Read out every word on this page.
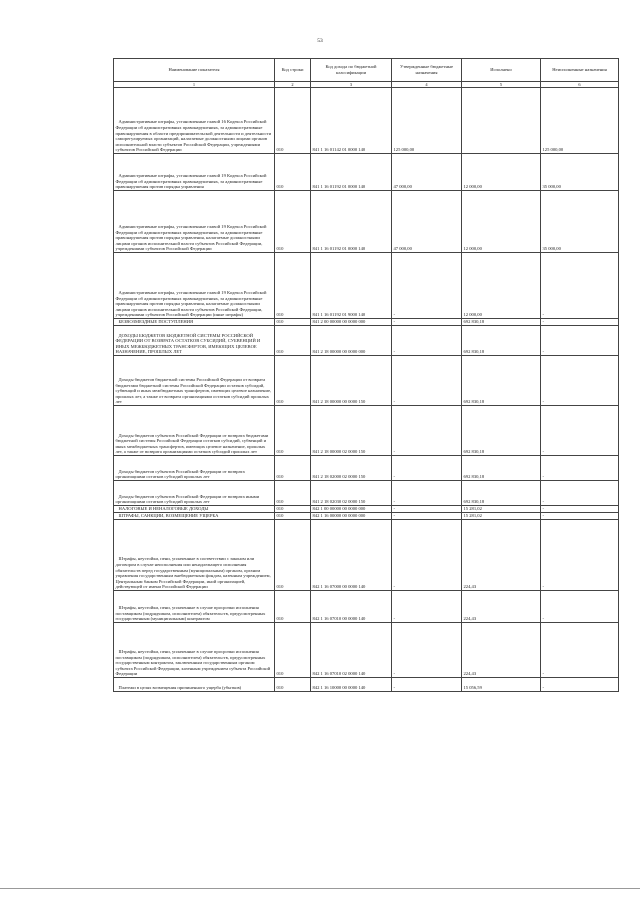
53
Наименование показателя	Код строки	Код дохода по бюджетной классификации	Утвержденные бюджетные назначения	Исполнено	Неисполненные назначения
1	2	3	4	5	6
Административные штрафы, установленные главой 16 Кодекса Российской Федерации об административных правонарушениях, за административные правонарушения в области предпринимательской деятельности и деятельности саморегулируемых организаций, налагаемые должностными лицами органов исполнительной власти субъектов Российской Федерации, учреждениями субъектов Российской Федерации	010	841 1 16 01142 01 0000 140	125 000,00		125 000,00
Административные штрафы, установленные главой 19 Кодекса Российской Федерации об административных правонарушениях, за административные правонарушения против порядка управления	010	841 1 16 01192 01 0000 140	47 000,00	12 000,00	35 000,00
Административные штрафы, установленные главой 19 Кодекса Российской Федерации об административных правонарушениях, за административные правонарушения против порядка управления, налагаемые должностными лицами органов исполнительной власти субъектов Российской Федерации, учреждениями субъектов Российской Федерации	010	841 1 16 01192 01 0000 140	47 000,00	12 000,00	35 000,00
Административные штрафы, установленные главой 19 Кодекса Российской Федерации об административных правонарушениях, за административные правонарушения против порядка управления, налагаемые должностными лицами органов исполнительной власти субъектов Российской Федерации, учреждениями субъектов Российской Федерации (иные штрафы)	010	841 1 16 01192 01 9000 140	-	12 000,00	-
БЕЗВОЗМЕЗДНЫЕ ПОСТУПЛЕНИЯ	010	841 2 00 00000 00 0000 000	-	692 830,18	-
ДОХОДЫ БЮДЖЕТОВ БЮДЖЕТНОЙ СИСТЕМЫ РОССИЙСКОЙ ФЕДЕРАЦИИ ОТ ВОЗВРАТА ОСТАТКОВ СУБСИДИЙ, СУБВЕНЦИЙ И ИНЫХ МЕЖБЮДЖЕТНЫХ ТРАНСФЕРТОВ, ИМЕЮЩИХ ЦЕЛЕВОЕ НАЗНАЧЕНИЕ, ПРОШЛЫХ ЛЕТ	010	841 2 18 00000 00 0000 000	-	692 830,18	-
Доходы бюджетов бюджетной системы Российской Федерации от возврата бюджетами бюджетной системы Российской Федерации остатков субсидий, субвенций и иных межбюджетных трансфертов, имеющих целевое назначение, прошлых лет, а также от возврата организациями остатков субсидий прошлых лет	010	841 2 18 00000 00 0000 150	-	692 830,18	-
Доходы бюджетов субъектов Российской Федерации от возврата бюджетами бюджетной системы Российской Федерации остатков субсидий, субвенций и иных межбюджетных трансфертов, имеющих целевое назначение, прошлых лет, а также от возврата организациями остатков субсидий прошлых лет	010	841 2 18 00000 02 0000 150	-	692 830,18	-
Доходы бюджетов субъектов Российской Федерации от возврата организациями остатков субсидий прошлых лет	010	841 2 18 02000 02 0000 150	-	692 830,18	-
Доходы бюджетов субъектов Российской Федерации от возврата иными организациями остатков субсидий прошлых лет	010	841 2 18 02030 02 0000 150	-	692 830,18	-
НАЛОГОВЫЕ И НЕНАЛОГОВЫЕ ДОХОДЫ	010	842 1 00 00000 00 0000 000	-	15 281,02	-
ШТРАФЫ, САНКЦИИ, ВОЗМЕЩЕНИЕ УЩЕРБА	010	842 1 16 00000 00 0000 000	-	15 281,02	-
Штрафы, неустойки, пени, уплаченные в соответствии с законом или договором в случае неисполнения или ненадлежащего исполнения обязательств перед государственным (муниципальным) органом, органом управления государственным внебюджетным фондом, казенным учреждением, Центральным банком Российской Федерации, иной организацией, действующей от имени Российской Федерации	010	842 1 16 07000 00 0000 140	-	224,43	-
Штрафы, неустойки, пени, уплаченные в случае просрочки исполнения поставщиком (подрядчиком, исполнителем) обязательств, предусмотренных государственным (муниципальным) контрактом	010	842 1 16 07010 00 0000 140	-	224,43	-
Штрафы, неустойки, пени, уплаченные в случае просрочки исполнения поставщиком (подрядчиком, исполнителем) обязательств, предусмотренных государственным контрактом, заключенным государственным органом субъекта Российской Федерации, казенным учреждением субъекта Российской Федерации	010	842 1 16 07010 02 0000 140	-	224,43	-
Платежи в целях возмещения причиненного ущерба (убытков)	010	842 1 16 10000 00 0000 140	-	15 056,59	-
